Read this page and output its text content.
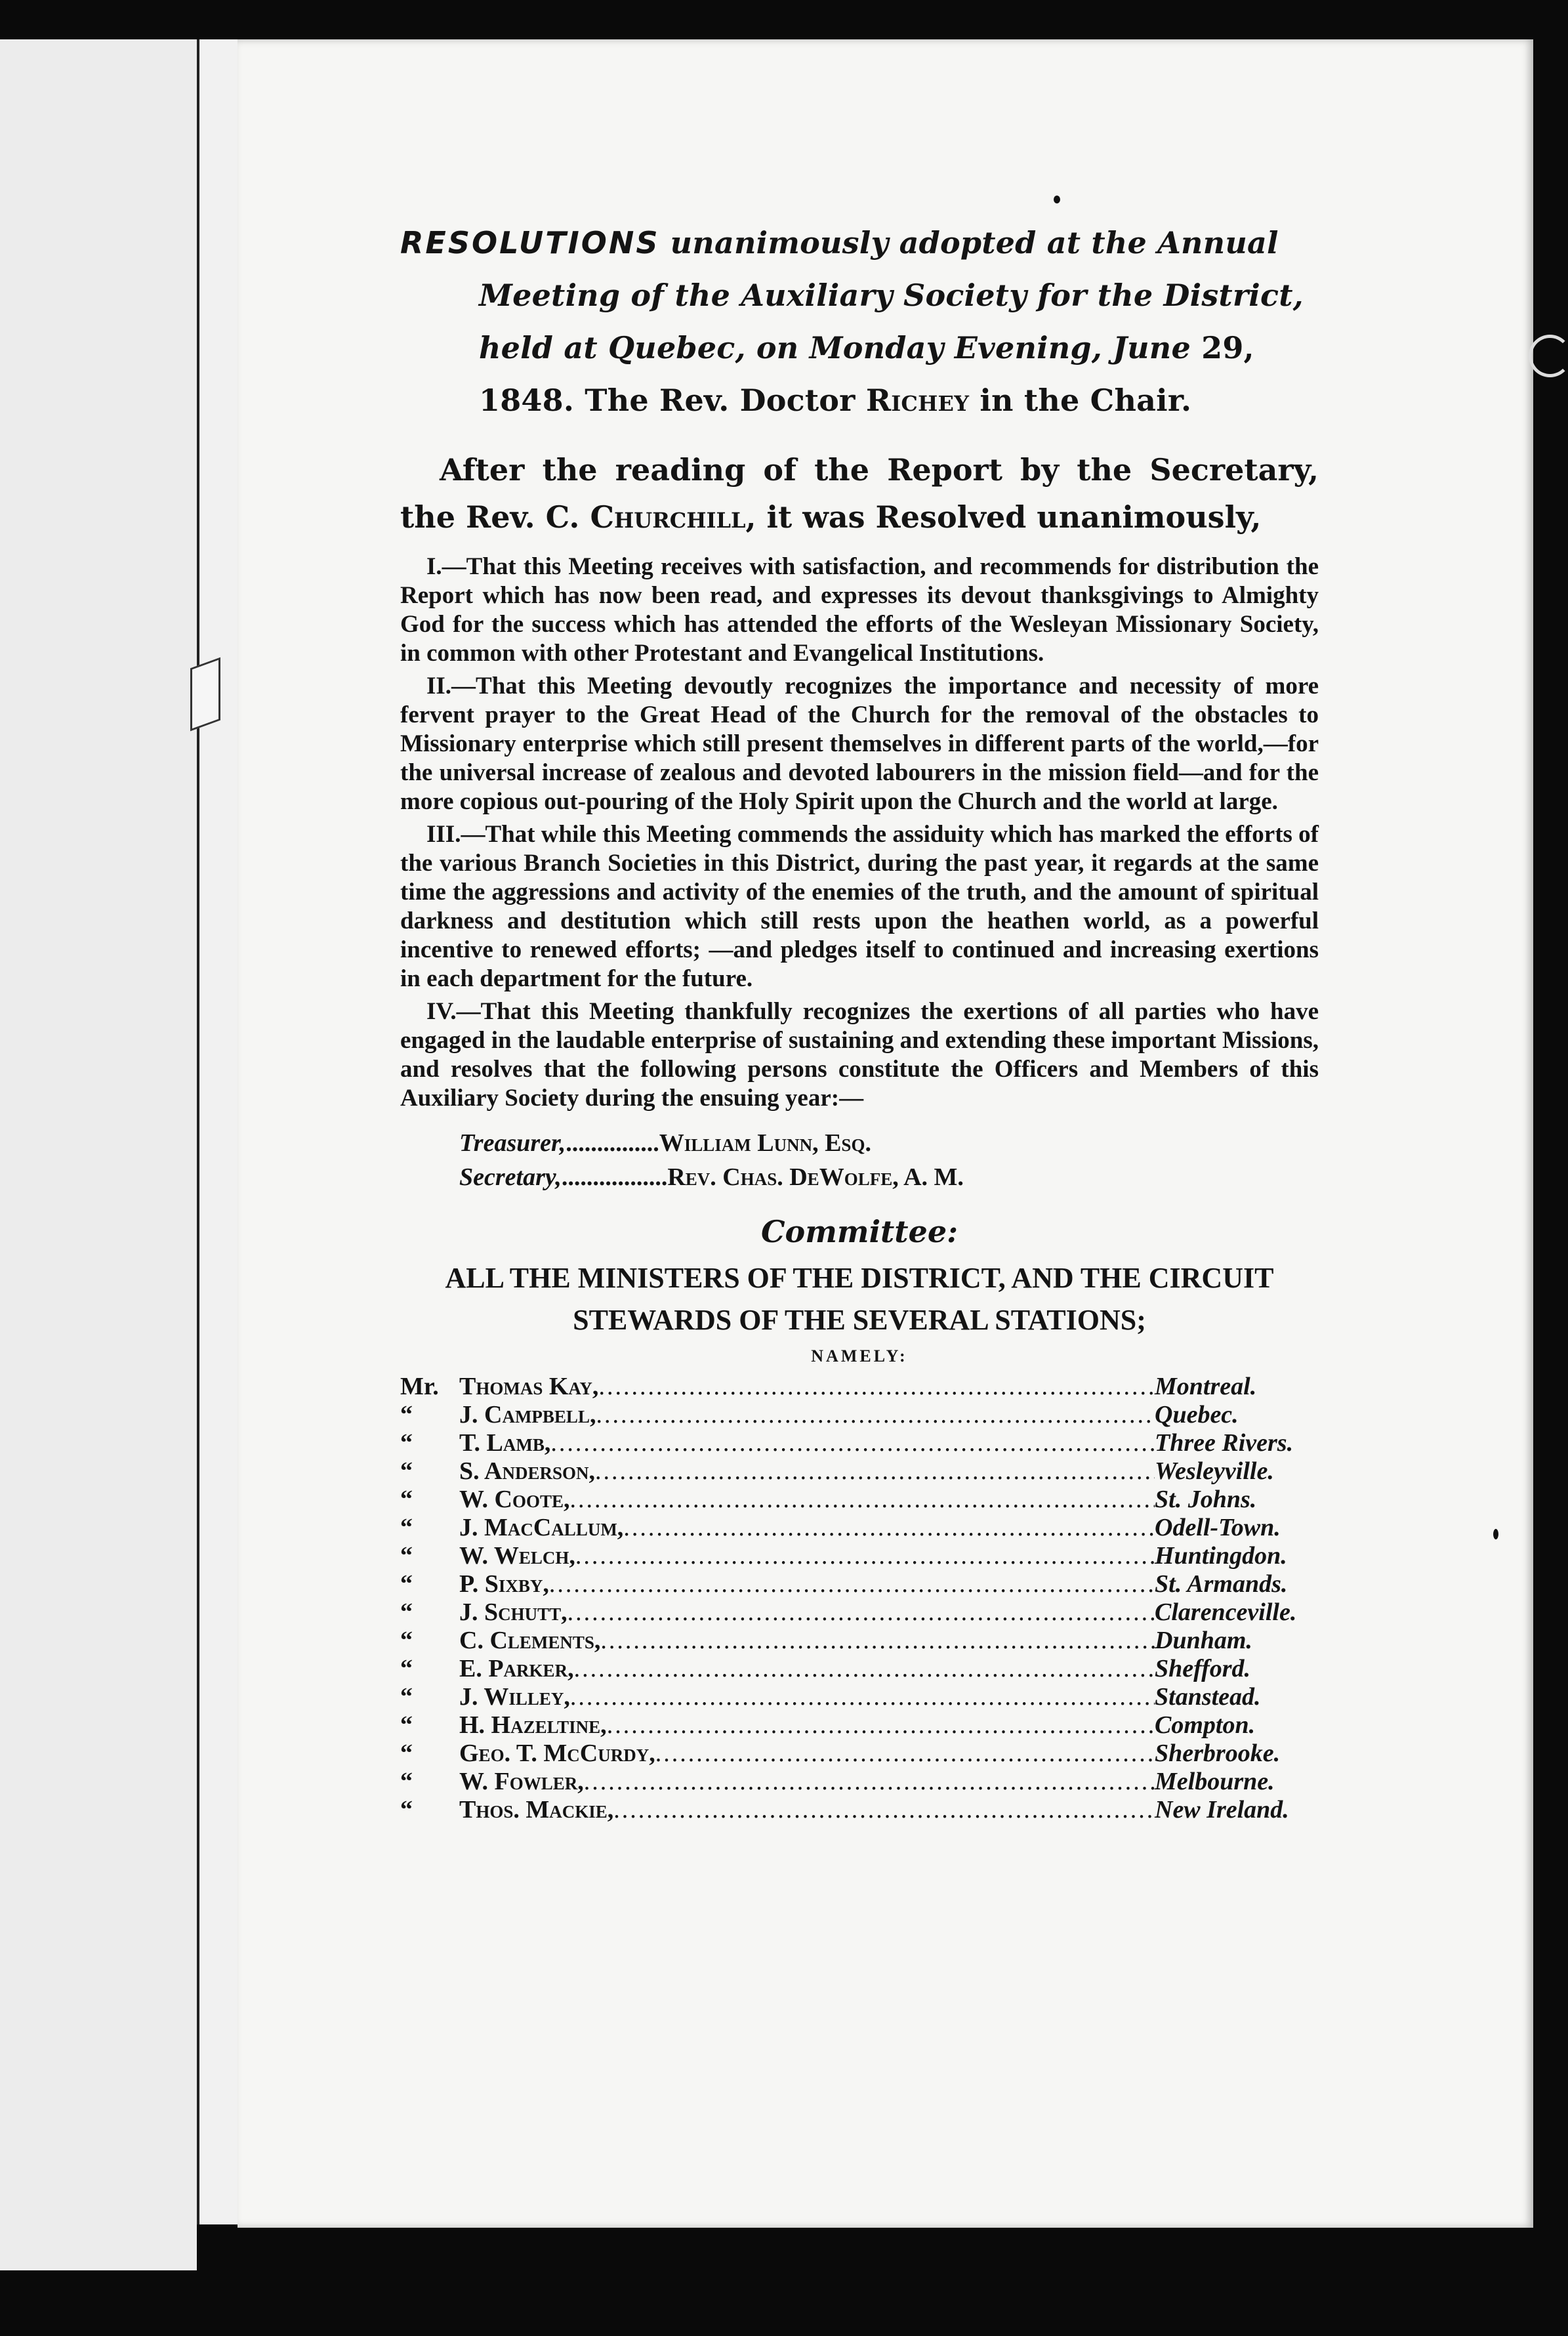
RESOLUTIONS unanimously adopted at the Annual Meeting of the Auxiliary Society for the District, held at Quebec, on Monday Evening, June 29, 1848. The Rev. Doctor Richey in the Chair.
After the reading of the Report by the Secretary, the Rev. C. Churchill, it was Resolved unanimously,

I.—That this Meeting receives with satisfaction, and recommends for distribution the Report which has now been read, and expresses its devout thanksgivings to Almighty God for the success which has attended the efforts of the Wesleyan Missionary Society, in common with other Protestant and Evangelical Institutions.

II.—That this Meeting devoutly recognizes the importance and necessity of more fervent prayer to the Great Head of the Church for the removal of the obstacles to Missionary enterprise which still present themselves in different parts of the world,—for the universal increase of zealous and devoted labourers in the mission field—and for the more copious out-pouring of the Holy Spirit upon the Church and the world at large.

III.—That while this Meeting commends the assiduity which has marked the efforts of the various Branch Societies in this District, during the past year, it regards at the same time the aggressions and activity of the enemies of the truth, and the amount of spiritual darkness and destitution which still rests upon the heathen world, as a powerful incentive to renewed efforts; —and pledges itself to continued and increasing exertions in each department for the future.

IV.—That this Meeting thankfully recognizes the exertions of all parties who have engaged in the laudable enterprise of sustaining and extending these important Missions, and resolves that the following persons constitute the Officers and Members of this Auxiliary Society during the ensuing year:—

Treasurer, ............... William Lunn, Esq.
Secretary, ................. Rev. Chas. DeWolfe, A. M.
Committee:
ALL THE MINISTERS OF THE DISTRICT, AND THE CIRCUIT STEWARDS OF THE SEVERAL STATIONS;
NAMELY:
Mr. Thomas Kay, .....	Montreal.
“	J. Campbell, .....	Quebec.
“	T. Lamb, .....	Three Rivers.
“	S. Anderson, .....	Wesleyville.
“	W. Coote, .....	St. Johns.
“	J. MacCallum, .....	Odell-Town.
“	W. Welch, .....	Huntingdon.
“	P. Sixby, .....	St. Armands.
“	J. Schutt, .....	Clarenceville.
“	C. Clements, .....	Dunham.
“	E. Parker, .....	Shefford.
“	J. Willey, .....	Stanstead.
“	H. Hazeltine, .....	Compton.
“	Geo. T. McCurdy, .....	Sherbrooke.
“	W. Fowler, .....	Melbourne.
“	Thos. Mackie, .....	New Ireland.
